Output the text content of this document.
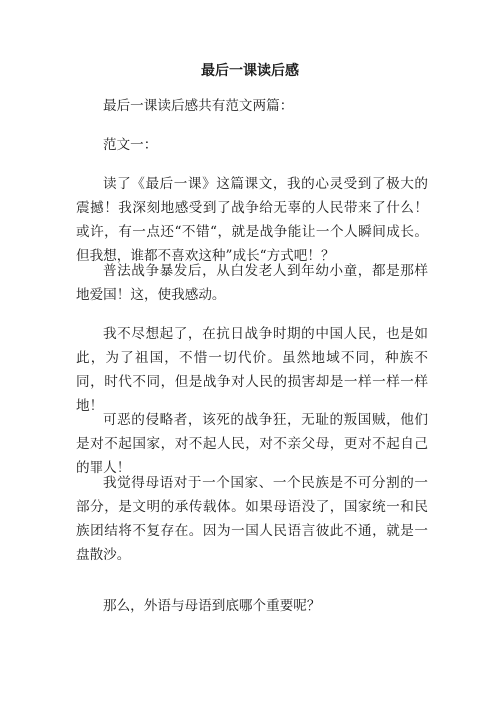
最后一课读后感

最后一课读后感共有范文两篇：

范文一：

读了《最后一课》这篇课文，我的心灵受到了极大的震撼！我深刻地感受到了战争给无辜的人民带来了什么！或许，有一点还“不错“，就是战争能让一个人瞬间成长。但我想，谁都不喜欢这种”成长“方式吧！？

普法战争暴发后，从白发老人到年幼小童，都是那样地爱国！这，使我感动。

我不尽想起了，在抗日战争时期的中国人民，也是如此，为了祖国，不惜一切代价。虽然地域不同，种族不同，时代不同，但是战争对人民的损害却是一样一样一样地！

可恶的侵略者，该死的战争狂，无耻的叛国贼，他们是对不起国家，对不起人民，对不亲父母，更对不起自己的罪人！

我觉得母语对于一个国家、一个民族是不可分割的一部分，是文明的承传载体。如果母语没了，国家统一和民族团结将不复存在。因为一国人民语言彼此不通，就是一盘散沙。

那么，外语与母语到底哪个重要呢？
